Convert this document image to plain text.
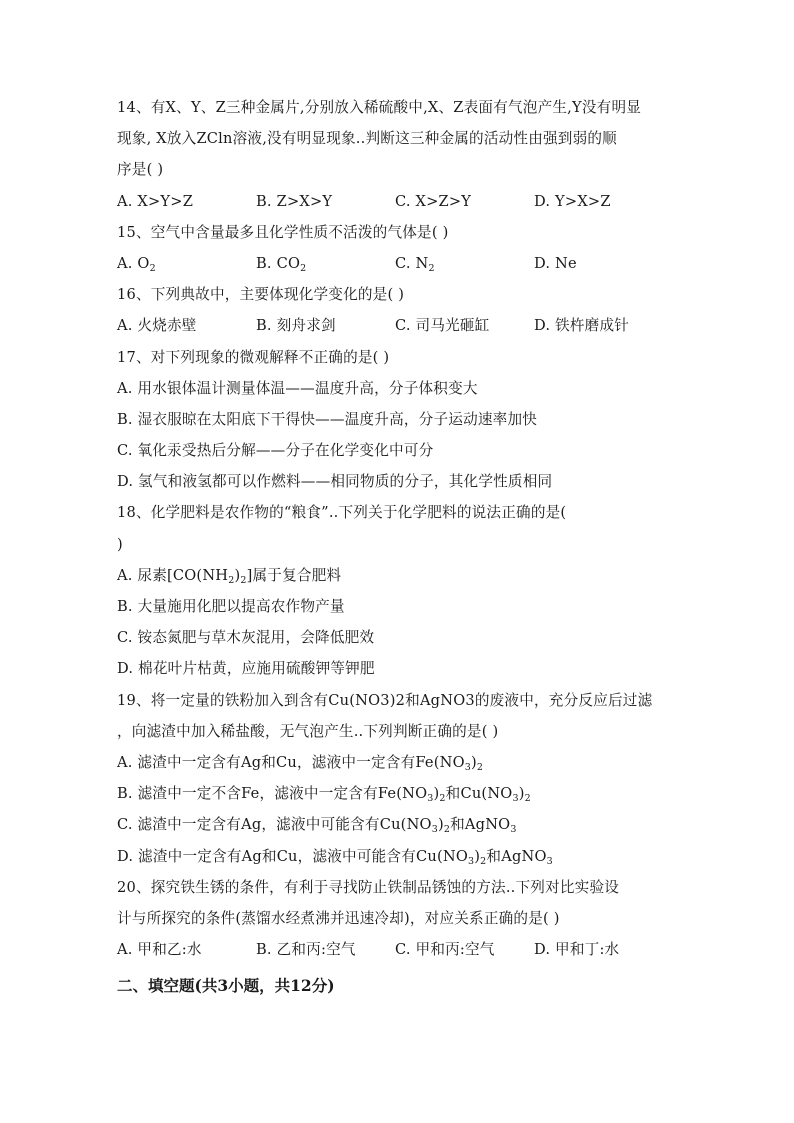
14、有X、Y、Z三种金属片,分别放入稀硫酸中,X、Z表面有气泡产生,Y没有明显
现象, X放入ZCln溶液,没有明显现象..判断这三种金属的活动性由强到弱的顺
序是( )
A. X>Y>Z	B. Z>X>Y	C. X>Z>Y	D. Y>X>Z
15、空气中含量最多且化学性质不活泼的气体是( )
A. $O_2$	B. $CO_2$	C. $N_2$	D. Ne
16、下列典故中，主要体现化学变化的是( )
A. 火烧赤壁	B. 刻舟求剑	C. 司马光砸缸	D. 铁杵磨成针
17、对下列现象的微观解释不正确的是( )
A. 用水银体温计测量体温——温度升高，分子体积变大
B. 湿衣服晾在太阳底下干得快——温度升高，分子运动速率加快
C. 氧化汞受热后分解——分子在化学变化中可分
D. 氢气和液氢都可以作燃料——相同物质的分子，其化学性质相同
18、化学肥料是农作物的“粮食”..下列关于化学肥料的说法正确的是(
)
A. 尿素$[CO(NH_2)_2]$属于复合肥料
B. 大量施用化肥以提高农作物产量
C. 铵态氮肥与草木灰混用，会降低肥效
D. 棉花叶片枯黄，应施用硫酸钾等钾肥
19、将一定量的铁粉加入到含有Cu(NO3)2和AgNO3的废液中，充分反应后过滤
，向滤渣中加入稀盐酸，无气泡产生..下列判断正确的是( )
A. 滤渣中一定含有Ag和Cu，滤液中一定含有$Fe(NO_3)_2$
B. 滤渣中一定不含Fe，滤液中一定含有$Fe(NO_3)_2$和$Cu(NO_3)_2$
C. 滤渣中一定含有Ag，滤液中可能含有$Cu(NO_3)_2$和AgNO$_3$
D. 滤渣中一定含有Ag和Cu，滤液中可能含有$Cu(NO_3)_2$和AgNO$_3$
20、探究铁生锈的条件，有利于寻找防止铁制品锈蚀的方法..下列对比实验设
计与所探究的条件(蒸馏水经煮沸并迅速冷却)，对应关系正确的是( )
A. 甲和乙:水	B. 乙和丙:空气	C. 甲和丙:空气	D. 甲和丁:水
二、填空题(共3小题，共12分)
